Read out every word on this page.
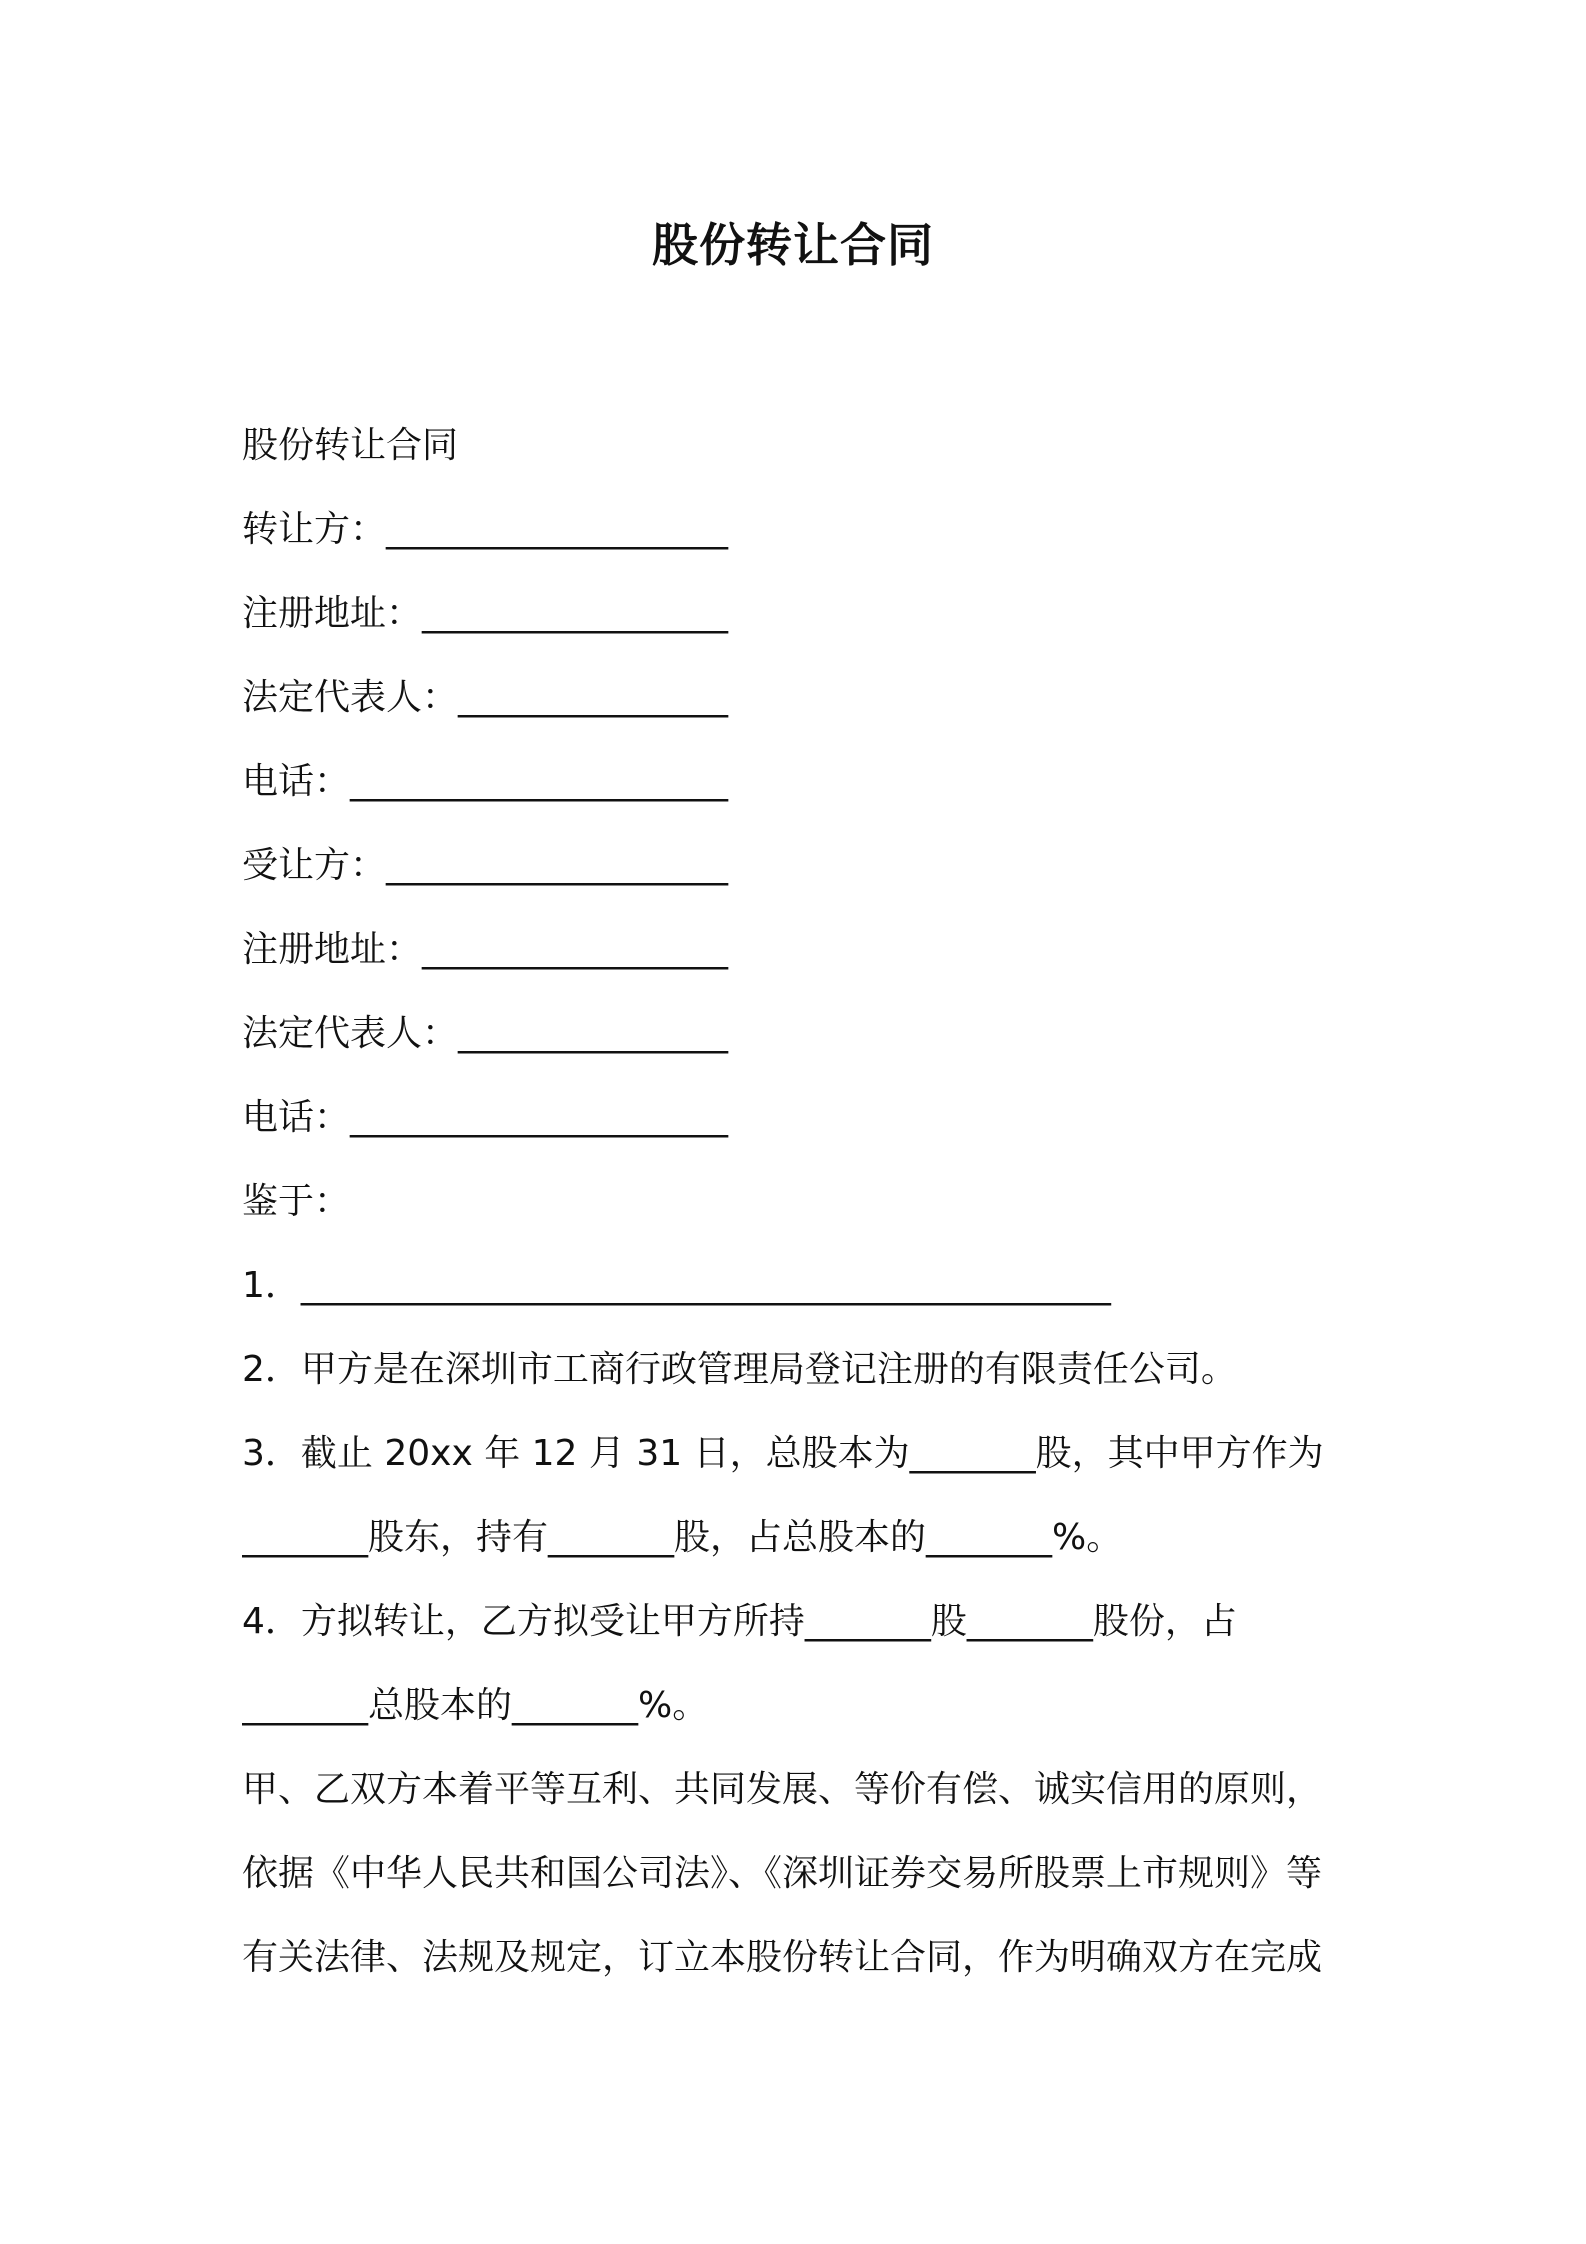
股份转让合同
股份转让合同
转让方：___________________
注册地址：_________________
法定代表人：_______________
电话：_____________________
受让方：___________________
注册地址：_________________
法定代表人：_______________
电话：_____________________
鉴于：
1．_____________________________________________
2．甲方是在深圳市工商行政管理局登记注册的有限责任公司。
3．截止 20xx 年 12 月 31 日，总股本为_______股，其中甲方作为
_______股东，持有_______股，占总股本的_______%。
4．方拟转让，乙方拟受让甲方所持_______股_______股份，占
_______总股本的_______%。
甲、乙双方本着平等互利、共同发展、等价有偿、诚实信用的原则，
依据《中华人民共和国公司法》、《深圳证券交易所股票上市规则》等
有关法律、法规及规定，订立本股份转让合同，作为明确双方在完成
